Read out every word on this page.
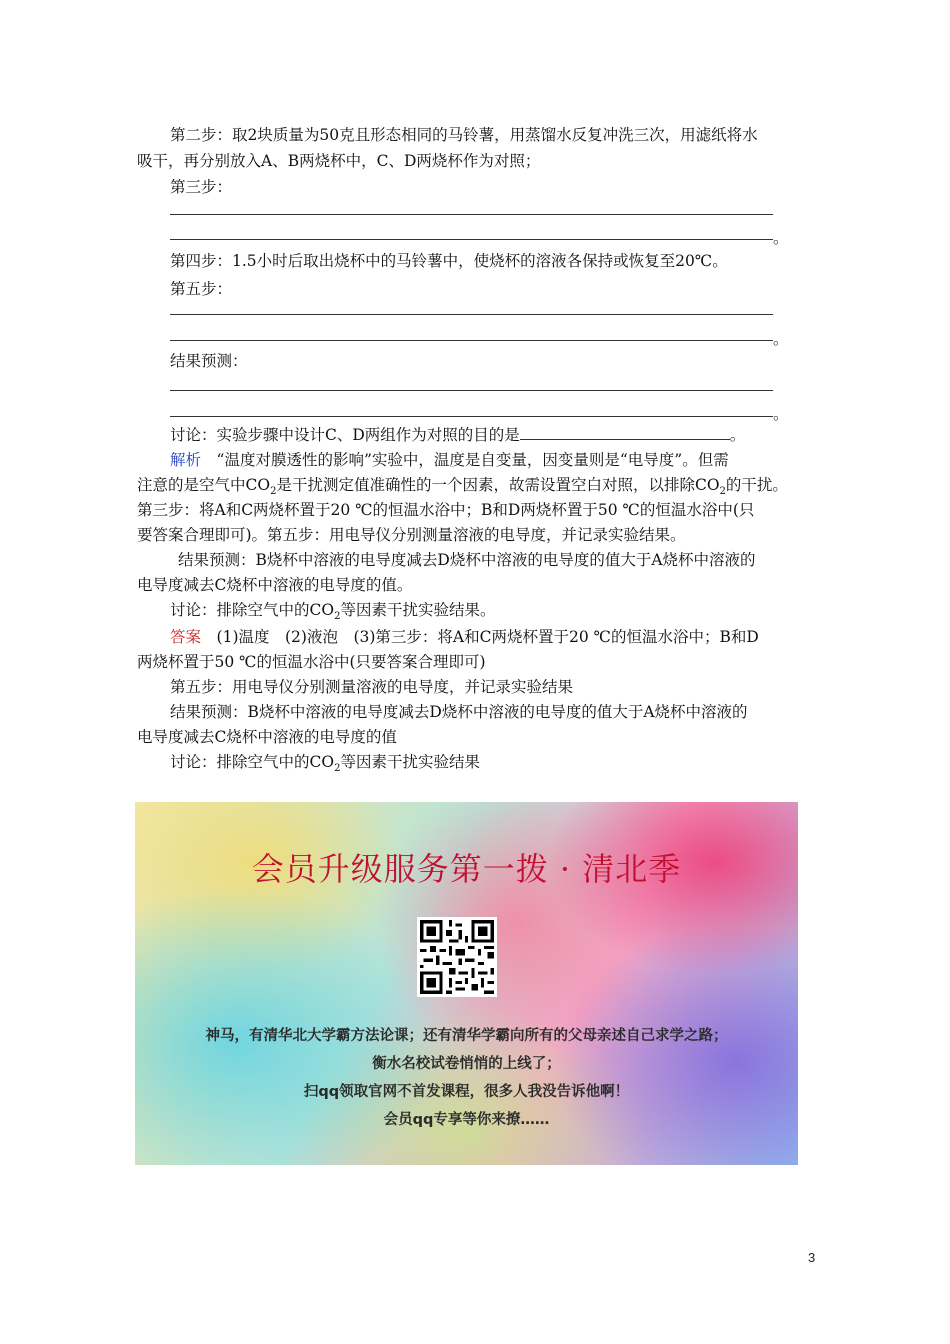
第二步：取2块质量为50克且形态相同的马铃薯，用蒸馏水反复冲洗三次，用滤纸将水
吸干，再分别放入A、B两烧杯中，C、D两烧杯作为对照；
第三步：
。
第四步：1.5小时后取出烧杯中的马铃薯中，使烧杯的溶液各保持或恢复至20℃。
第五步：
。
结果预测：
。
讨论：实验步骤中设计C、D两组作为对照的目的是	。
解析　 “温度对膜透性的影响”实验中，温度是自变量，因变量则是“电导度”。但需
注意的是空气中$CO_2$是干扰测定值准确性的一个因素，故需设置空白对照，以排除$CO_2$的干扰。
第三步：将A和C两烧杯置于20 ℃的恒温水浴中；B和D两烧杯置于50 ℃的恒温水浴中(只
要答案合理即可)。第五步：用电导仪分别测量溶液的电导度，并记录实验结果。
结果预测：B烧杯中溶液的电导度减去D烧杯中溶液的电导度的值大于A烧杯中溶液的
电导度减去C烧杯中溶液的电导度的值。
讨论：排除空气中的$CO_2$等因素干扰实验结果。
答案　 (1)温度　(2)液泡　(3)第三步：将A和C两烧杯置于20 ℃的恒温水浴中；B和D
两烧杯置于50 ℃的恒温水浴中(只要答案合理即可)
第五步：用电导仪分别测量溶液的电导度，并记录实验结果
结果预测：B烧杯中溶液的电导度减去D烧杯中溶液的电导度的值大于A烧杯中溶液的
电导度减去C烧杯中溶液的电导度的值
讨论：排除空气中的$CO_2$等因素干扰实验结果
会员升级服务第一拨 · 清北季
神马，有清华北大学霸方法论课；还有清华学霸向所有的父母亲述自己求学之路；
衡水名校试卷悄悄的上线了；
扫qq领取官网不首发课程，很多人我没告诉他啊！
会员qq专享等你来撩……
3
